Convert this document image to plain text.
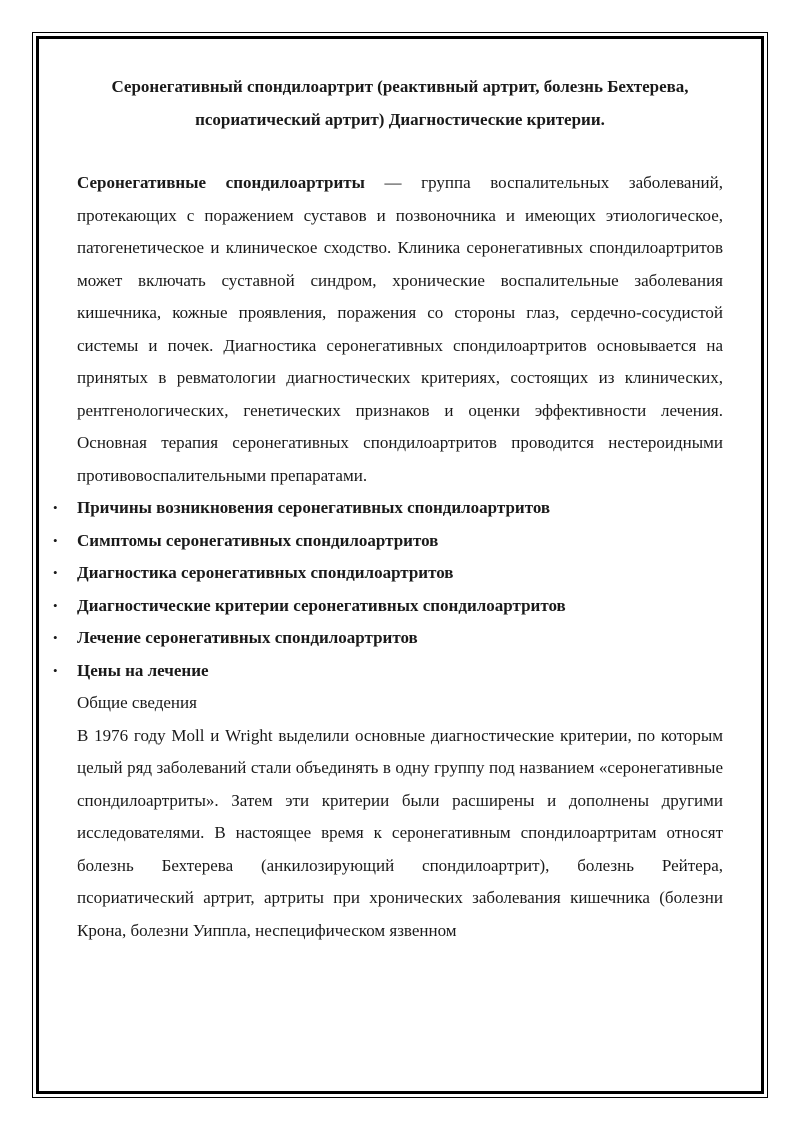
Серонегативный спондилоартрит (реактивный артрит, болезнь Бехтерева, псориатический артрит) Диагностические критерии.

Серонегативные спондилоартриты — группа воспалительных заболеваний, протекающих с поражением суставов и позвоночника и имеющих этиологическое, патогенетическое и клиническое сходство. Клиника серонегативных спондилоартритов может включать суставной синдром, хронические воспалительные заболевания кишечника, кожные проявления, поражения со стороны глаз, сердечно-сосудистой системы и почек. Диагностика серонегативных спондилоартритов основывается на принятых в ревматологии диагностических критериях, состоящих из клинических, рентгенологических, генетических признаков и оценки эффективности лечения. Основная терапия серонегативных спондилоартритов проводится нестероидными противовоспалительными препаратами.

• Причины возникновения серонегативных спондилоартритов
• Симптомы серонегативных спондилоартритов
• Диагностика серонегативных спондилоартритов
• Диагностические критерии серонегативных спондилоартритов
• Лечение серонегативных спондилоартритов
• Цены на лечение

Общие сведения

В 1976 году Moll и Wright выделили основные диагностические критерии, по которым целый ряд заболеваний стали объединять в одну группу под названием «серонегативные спондилоартриты». Затем эти критерии были расширены и дополнены другими исследователями. В настоящее время к серонегативным спондилоартритам относят болезнь Бехтерева (анкилозирующий спондилоартрит), болезнь Рейтера, псориатический артрит, артриты при хронических заболевания кишечника (болезни Крона, болезни Уиппла, неспецифическом язвенном
